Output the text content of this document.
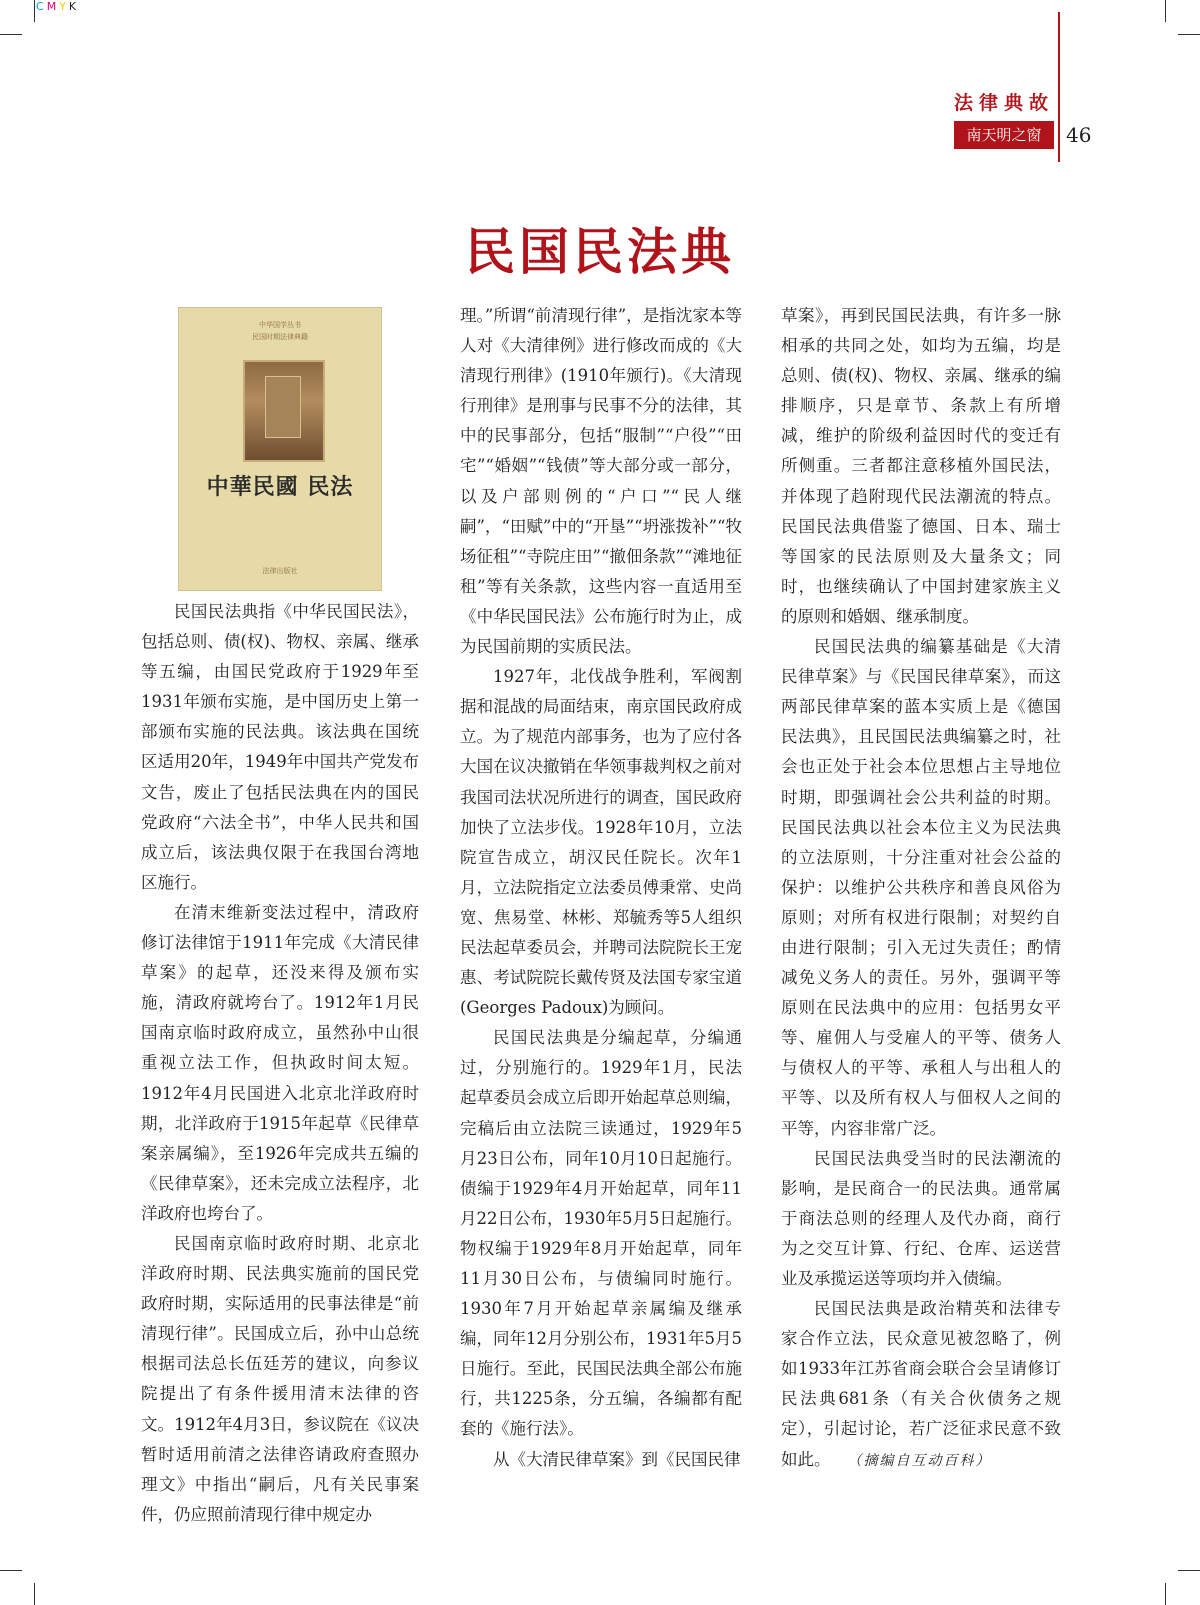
CMYK
法律典故
南天明之窗	46
民国民法典
中华国学丛书
民国时期法律典籍
中華民國 民法
法律出版社

民国民法典指《中华民国民法》，包括总则、债(权)、物权、亲属、继承等五编，由国民党政府于1929年至1931年颁布实施，是中国历史上第一部颁布实施的民法典。该法典在国统区适用20年，1949年中国共产党发布文告，废止了包括民法典在内的国民党政府“六法全书”，中华人民共和国成立后，该法典仅限于在我国台湾地区施行。

在清末维新变法过程中，清政府修订法律馆于1911年完成《大清民律草案》的起草，还没来得及颁布实施，清政府就垮台了。1912年1月民国南京临时政府成立，虽然孙中山很重视立法工作，但执政时间太短。1912年4月民国进入北京北洋政府时期，北洋政府于1915年起草《民律草案亲属编》，至1926年完成共五编的《民律草案》，还未完成立法程序，北洋政府也垮台了。

民国南京临时政府时期、北京北洋政府时期、民法典实施前的国民党政府时期，实际适用的民事法律是“前清现行律”。民国成立后，孙中山总统根据司法总长伍廷芳的建议，向参议院提出了有条件援用清末法律的咨文。1912年4月3日，参议院在《议决暂时适用前清之法律咨请政府查照办理文》中指出“嗣后，凡有关民事案件，仍应照前清现行律中规定办

理。”所谓“前清现行律”，是指沈家本等人对《大清律例》进行修改而成的《大清现行刑律》(1910年颁行)。《大清现行刑律》是刑事与民事不分的法律，其中的民事部分，包括“服制”“户役”“田宅”“婚姻”“钱债”等大部分或一部分，以及户部则例的“户口”“民人继嗣”，“田赋”中的“开垦”“坍涨拨补”“牧场征租”“寺院庄田”“撤佃条款”“滩地征租”等有关条款，这些内容一直适用至《中华民国民法》公布施行时为止，成为民国前期的实质民法。

1927年，北伐战争胜利，军阀割据和混战的局面结束，南京国民政府成立。为了规范内部事务，也为了应付各大国在议决撤销在华领事裁判权之前对我国司法状况所进行的调查，国民政府加快了立法步伐。1928年10月，立法院宣告成立，胡汉民任院长。次年1月，立法院指定立法委员傅秉常、史尚宽、焦易堂、林彬、郑毓秀等5人组织民法起草委员会，并聘司法院院长王宠惠、考试院院长戴传贤及法国专家宝道(Georges Padoux)为顾问。

民国民法典是分编起草，分编通过，分别施行的。1929年1月，民法起草委员会成立后即开始起草总则编，完稿后由立法院三读通过，1929年5月23日公布，同年10月10日起施行。债编于1929年4月开始起草，同年11月22日公布，1930年5月5日起施行。物权编于1929年8月开始起草，同年11月30日公布，与债编同时施行。1930年7月开始起草亲属编及继承编，同年12月分别公布，1931年5月5日施行。至此，民国民法典全部公布施行，共1225条，分五编，各编都有配套的《施行法》。

从《大清民律草案》到《民国民律

草案》，再到民国民法典，有许多一脉相承的共同之处，如均为五编，均是总则、债(权)、物权、亲属、继承的编排顺序，只是章节、条款上有所增减，维护的阶级利益因时代的变迁有所侧重。三者都注意移植外国民法，并体现了趋附现代民法潮流的特点。民国民法典借鉴了德国、日本、瑞士等国家的民法原则及大量条文；同时，也继续确认了中国封建家族主义的原则和婚姻、继承制度。

民国民法典的编纂基础是《大清民律草案》与《民国民律草案》，而这两部民律草案的蓝本实质上是《德国民法典》，且民国民法典编纂之时，社会也正处于社会本位思想占主导地位时期，即强调社会公共利益的时期。民国民法典以社会本位主义为民法典的立法原则，十分注重对社会公益的保护：以维护公共秩序和善良风俗为原则；对所有权进行限制；对契约自由进行限制；引入无过失责任；酌情减免义务人的责任。另外，强调平等原则在民法典中的应用：包括男女平等、雇佣人与受雇人的平等、债务人与债权人的平等、承租人与出租人的平等、以及所有权人与佃权人之间的平等，内容非常广泛。

民国民法典受当时的民法潮流的影响，是民商合一的民法典。通常属于商法总则的经理人及代办商，商行为之交互计算、行纪、仓库、运送营业及承揽运送等项均并入债编。

民国民法典是政治精英和法律专家合作立法，民众意见被忽略了，例如1933年江苏省商会联合会呈请修订民法典681条（有关合伙债务之规定），引起讨论，若广泛征求民意不致如此。 （摘编自互动百科）
